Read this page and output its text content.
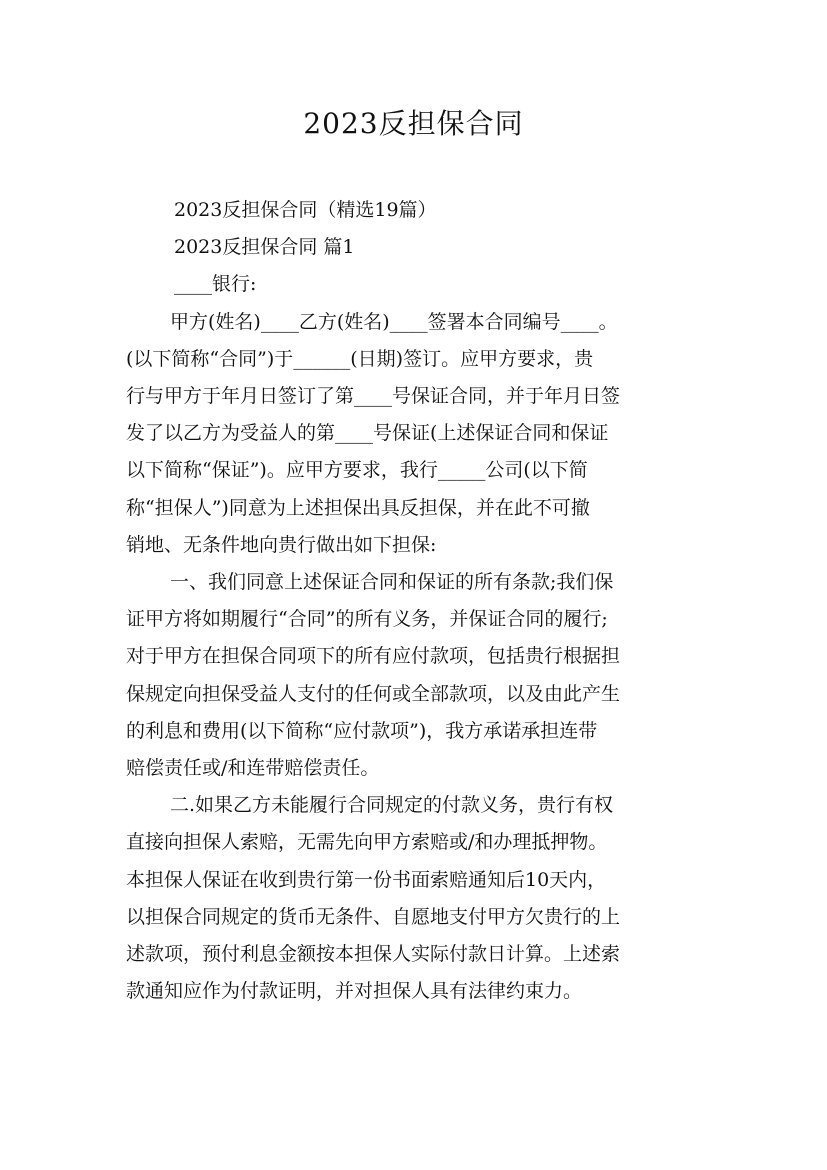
2023反担保合同

2023反担保合同（精选19篇）

2023反担保合同 篇1

____银行:

甲方(姓名)____乙方(姓名)____签署本合同编号____。

(以下简称“合同”)于______(日期)签订。应甲方要求，贵

行与甲方于年月日签订了第____号保证合同，并于年月日签

发了以乙方为受益人的第____号保证(上述保证合同和保证

以下简称“保证”)。应甲方要求，我行_____公司(以下简

称“担保人”)同意为上述担保出具反担保，并在此不可撤

销地、无条件地向贵行做出如下担保:

一、我们同意上述保证合同和保证的所有条款;我们保

证甲方将如期履行“合同”的所有义务，并保证合同的履行;

对于甲方在担保合同项下的所有应付款项，包括贵行根据担

保规定向担保受益人支付的任何或全部款项，以及由此产生

的利息和费用(以下简称“应付款项”)，我方承诺承担连带

赔偿责任或/和连带赔偿责任。

二.如果乙方未能履行合同规定的付款义务，贵行有权

直接向担保人索赔，无需先向甲方索赔或/和办理抵押物。

本担保人保证在收到贵行第一份书面索赔通知后10天内，

以担保合同规定的货币无条件、自愿地支付甲方欠贵行的上

述款项，预付利息金额按本担保人实际付款日计算。上述索

款通知应作为付款证明，并对担保人具有法律约束力。
